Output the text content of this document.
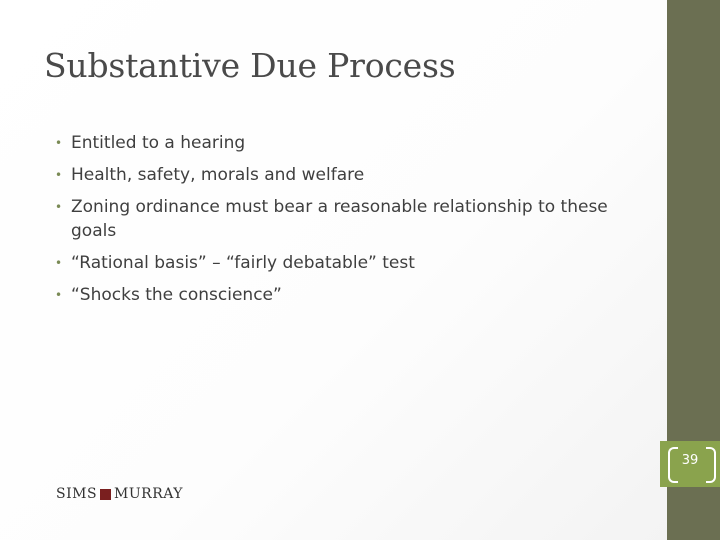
Substantive Due Process
• Entitled to a hearing
• Health, safety, morals and welfare
• Zoning ordinance must bear a reasonable relationship to these goals
• “Rational basis” – “fairly debatable” test
• “Shocks the conscience”
39
SIMS MURRAY
